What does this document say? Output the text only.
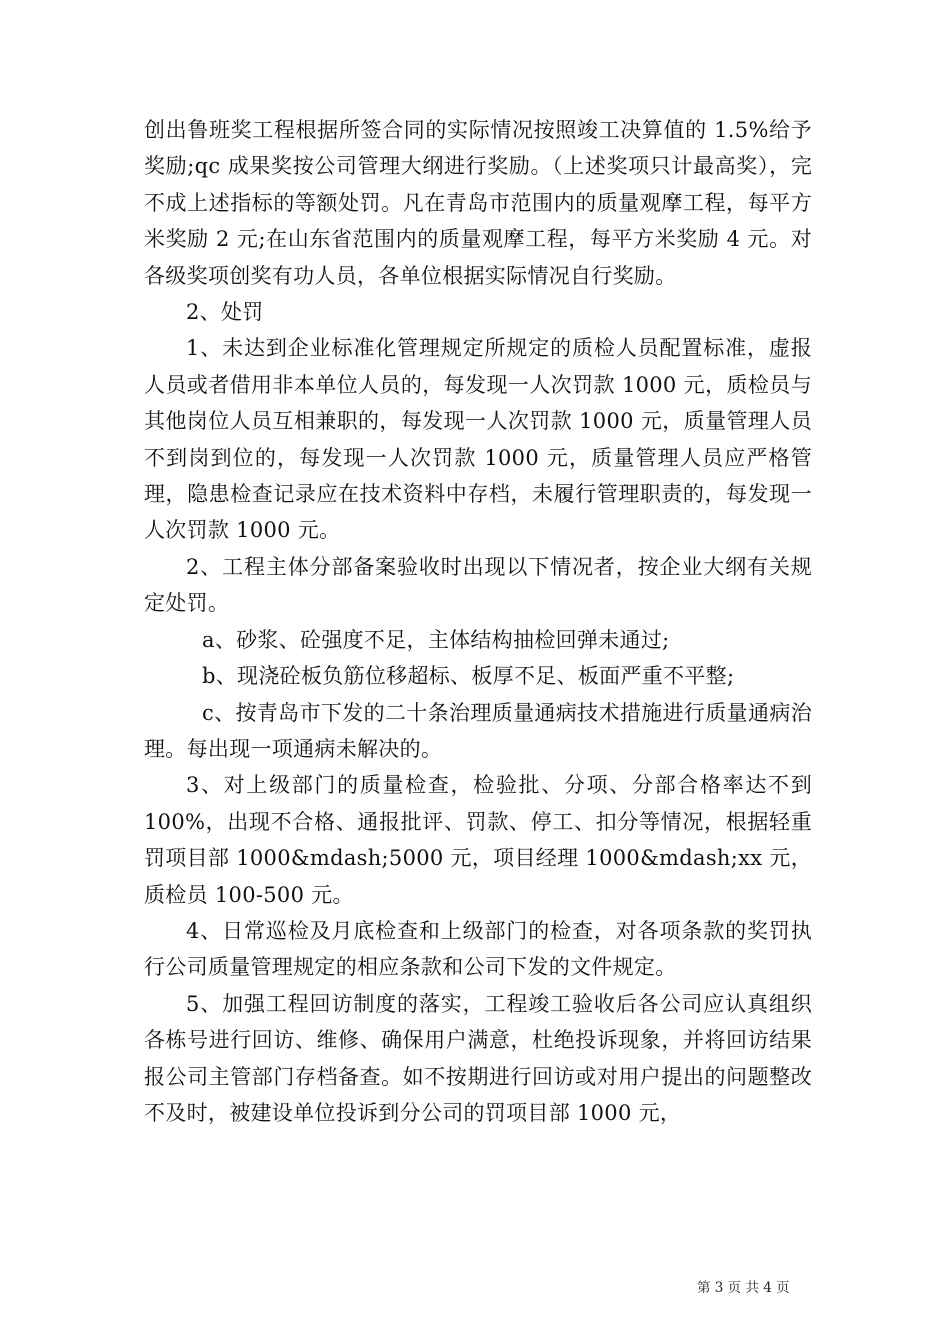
创出鲁班奖工程根据所签合同的实际情况按照竣工决算值的 1.5%给予奖励;qc 成果奖按公司管理大纲进行奖励。（上述奖项只计最高奖），完不成上述指标的等额处罚。凡在青岛市范围内的质量观摩工程，每平方米奖励 2 元;在山东省范围内的质量观摩工程，每平方米奖励 4 元。对各级奖项创奖有功人员，各单位根据实际情况自行奖励。

2、处罚

1、未达到企业标准化管理规定所规定的质检人员配置标准，虚报人员或者借用非本单位人员的，每发现一人次罚款 1000 元，质检员与其他岗位人员互相兼职的，每发现一人次罚款 1000 元，质量管理人员不到岗到位的，每发现一人次罚款 1000 元，质量管理人员应严格管理，隐患检查记录应在技术资料中存档，未履行管理职责的，每发现一人次罚款 1000 元。

2、工程主体分部备案验收时出现以下情况者，按企业大纲有关规定处罚。

a、砂浆、砼强度不足，主体结构抽检回弹未通过;

b、现浇砼板负筋位移超标、板厚不足、板面严重不平整;

c、按青岛市下发的二十条治理质量通病技术措施进行质量通病治理。每出现一项通病未解决的。

3、对上级部门的质量检查，检验批、分项、分部合格率达不到 100%，出现不合格、通报批评、罚款、停工、扣分等情况，根据轻重罚项目部 1000&mdash;5000 元，项目经理 1000&mdash;xx 元，质检员 100-500 元。

4、日常巡检及月底检查和上级部门的检查，对各项条款的奖罚执行公司质量管理规定的相应条款和公司下发的文件规定。

5、加强工程回访制度的落实，工程竣工验收后各公司应认真组织各栋号进行回访、维修、确保用户满意，杜绝投诉现象，并将回访结果报公司主管部门存档备查。如不按期进行回访或对用户提出的问题整改不及时，被建设单位投诉到分公司的罚项目部 1000 元，

第 3 页 共 4 页
